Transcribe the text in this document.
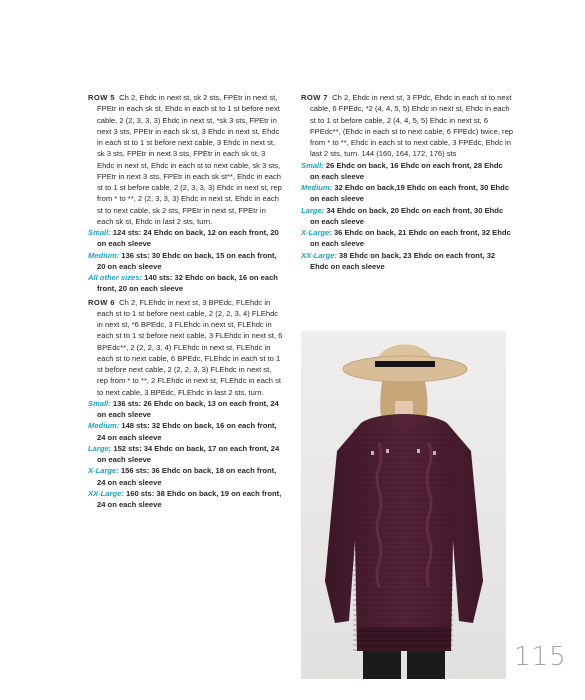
ROW 5 Ch 2, Ehdc in next st, sk 2 sts, FPEtr in next st, FPEtr in each sk st, Ehdc in each st to 1 st before next cable, 2 (2, 3, 3, 3) Ehdc in next st, *sk 3 sts, FPEtr in next 3 sts, FPEtr in each sk st, 3 Ehdc in next st, Ehdc in each st to 1 st before next cable, 3 Ehdc in next st, sk 3 sts, FPEtr in next 3 sts, FPEtr in each sk st, 3 Ehdc in next st, Ehdc in each st to next cable, sk 3 sts, FPEtr in next 3 sts, FPEtr in each sk st**, Ehdc in each st to 1 st before cable, 2 (2, 3, 3, 3) Ehdc in next st, rep from * to **, 2 (2, 3, 3, 3) Ehdc in next st, Ehdc in each st to next cable, sk 2 sts, FPEtr in next st, FPEtr in each sk st, Ehdc in last 2 sts, turn.
Small: 124 sts: 24 Ehdc on back, 12 on each front, 20 on each sleeve
Medium: 136 sts: 30 Ehdc on back, 15 on each front, 20 on each sleeve
All other sizes: 140 sts: 32 Ehdc on back, 16 on each front, 20 on each sleeve
ROW 6 Ch 2, FLEhdc in next st, 3 BPEdc, FLEhdc in each st to 1 st before next cable, 2 (2, 2, 3, 4) FLEhdc in next st, *6 BPEdc, 3 FLEhdc in next st, FLEhdc in each st to 1 st before next cable, 3 FLEhdc in next st, 6 BPEdc**, 2 (2, 2, 3, 4) FLEhdc in next st, FLEhdc in each st to next cable, 6 BPEdc, FLEhdc in each st to 1 st before next cable, 2 (2, 2, 3, 3) FLEhdc in next st, rep from * to **, 2 FLEhdc in next st, FLEhdc in each st to next cable, 3 BPEdc, FLEhdc in last 2 sts, turn.
Small: 136 sts: 26 Ehdc on back, 13 on each front, 24 on each sleeve
Medium: 148 sts: 32 Ehdc on back, 16 on each front, 24 on each sleeve
Large: 152 sts: 34 Ehdc on back, 17 on each front, 24 on each sleeve
X-Large: 156 sts: 36 Ehdc on back, 18 on each front, 24 on each sleeve
XX-Large: 160 sts: 38 Ehdc on back, 19 on each front, 24 on each sleeve
ROW 7 Ch 2, Ehdc in next st, 3 FPdc, Ehdc in each st to next cable, 6 FPEdc, *2 (4, 4, 5, 5) Ehdc in next st, Ehdc in each st to 1 st before cable, 2 (4, 4, 5, 5) Ehdc in next st, 6 FPEdc**, (Ehdc in each st to next cable, 6 FPEdc) twice, rep from * to **, Ehdc in each st to next cable, 3 FPEdc, Ehdc in last 2 sts, turn. 144 (160, 164, 172, 176) sts
Small: 26 Ehdc on back, 16 Ehdc on each front, 28 Ehdc on each sleeve
Medium: 32 Ehdc on back,19 Ehdc on each front, 30 Ehdc on each sleeve
Large: 34 Ehdc on back, 20 Ehdc on each front, 30 Ehdc on each sleeve
X-Large: 36 Ehdc on back, 21 Ehdc on each front, 32 Ehdc on each sleeve
XX-Large: 38 Ehdc on back, 23 Ehdc on each front, 32 Ehdc on each sleeve
115
